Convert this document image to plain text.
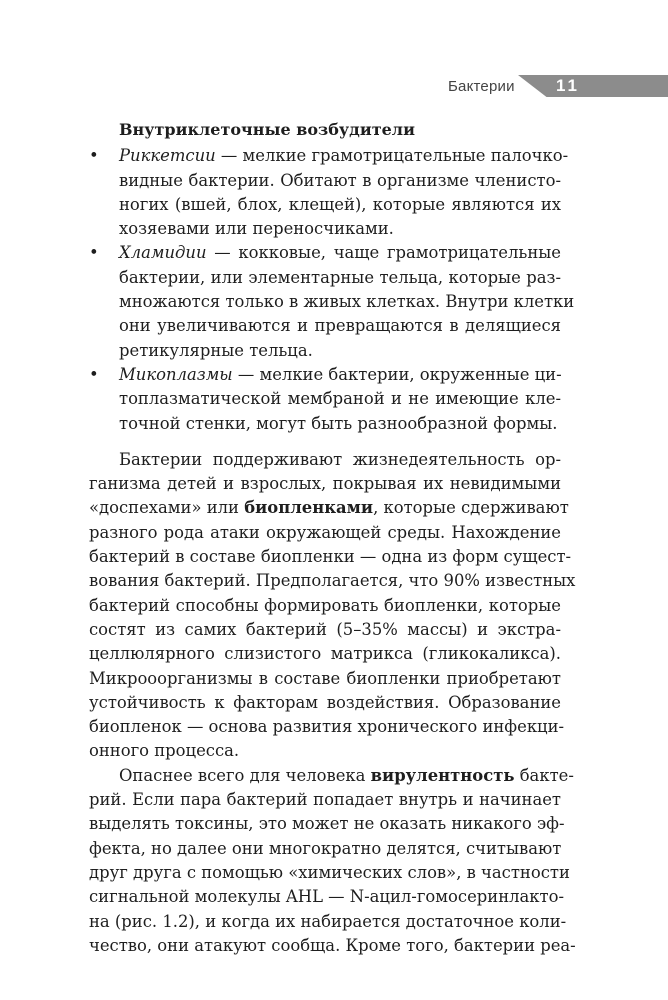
Бактерии 11
Внутриклеточные возбудители
• Риккетсии — мелкие грамотрицательные палочко-
видные бактерии. Обитают в организме членисто-
ногих (вшей, блох, клещей), которые являются их
хозяевами или переносчиками.
• Хламидии — кокковые, чаще грамотрицательные
бактерии, или элементарные тельца, которые раз-
множаются только в живых клетках. Внутри клетки
они увеличиваются и превращаются в делящиеся
ретикулярные тельца.
• Микоплазмы — мелкие бактерии, окруженные ци-
топлазматической мембраной и не имеющие кле-
точной стенки, могут быть разнообразной формы.
Бактерии поддерживают жизнедеятельность ор-
ганизма детей и взрослых, покрывая их невидимыми
«доспехами» или биопленками, которые сдерживают
разного рода атаки окружающей среды. Нахождение
бактерий в составе биопленки — одна из форм сущест-
вования бактерий. Предполагается, что 90% известных
бактерий способны формировать биопленки, которые
состят из самих бактерий (5–35% массы) и экстра-
целлюлярного слизистого матрикса (гликокаликса).
Микрооорганизмы в составе биопленки приобретают
устойчивость к факторам воздействия. Образование
биопленок — основа развития хронического инфекци-
онного процесса.
Опаснее всего для человека вирулентность бакте-
рий. Если пара бактерий попадает внутрь и начинает
выделять токсины, это может не оказать никакого эф-
фекта, но далее они многократно делятся, считывают
друг друга с помощью «химических слов», в частности
сигнальной молекулы AHL — N-ацил-гомосеринлакто-
на (рис. 1.2), и когда их набирается достаточное коли-
чество, они атакуют сообща. Кроме того, бактерии реа-
